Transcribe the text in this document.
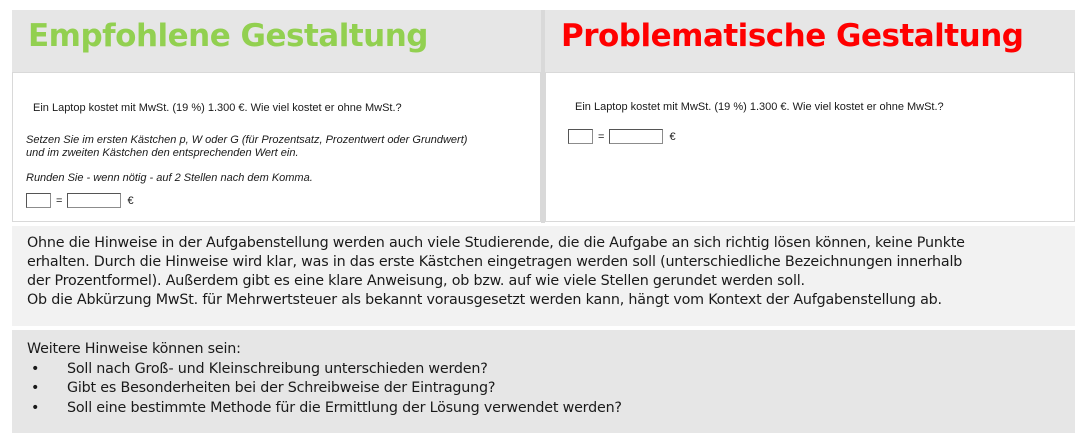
Empfohlene Gestaltung	Problematische Gestaltung
Ein Laptop kostet mit MwSt. (19 %) 1.300 €. Wie viel kostet er ohne MwSt.?
Setzen Sie im ersten Kästchen p, W oder G (für Prozentsatz, Prozentwert oder Grundwert)
und im zweiten Kästchen den entsprechenden Wert ein.
Runden Sie - wenn nötig - auf 2 Stellen nach dem Komma.
=	€
Ein Laptop kostet mit MwSt. (19 %) 1.300 €. Wie viel kostet er ohne MwSt.?
=	€

Ohne die Hinweise in der Aufgabenstellung werden auch viele Studierende, die die Aufgabe an sich richtig lösen können, keine Punkte

erhalten. Durch die Hinweise wird klar, was in das erste Kästchen eingetragen werden soll (unterschiedliche Bezeichnungen innerhalb

der Prozentformel). Außerdem gibt es eine klare Anweisung, ob bzw. auf wie viele Stellen gerundet werden soll.

Ob die Abkürzung MwSt. für Mehrwertsteuer als bekannt vorausgesetzt werden kann, hängt vom Kontext der Aufgabenstellung ab.

Weitere Hinweise können sein:
• Soll nach Groß- und Kleinschreibung unterschieden werden?
• Gibt es Besonderheiten bei der Schreibweise der Eintragung?
• Soll eine bestimmte Methode für die Ermittlung der Lösung verwendet werden?
